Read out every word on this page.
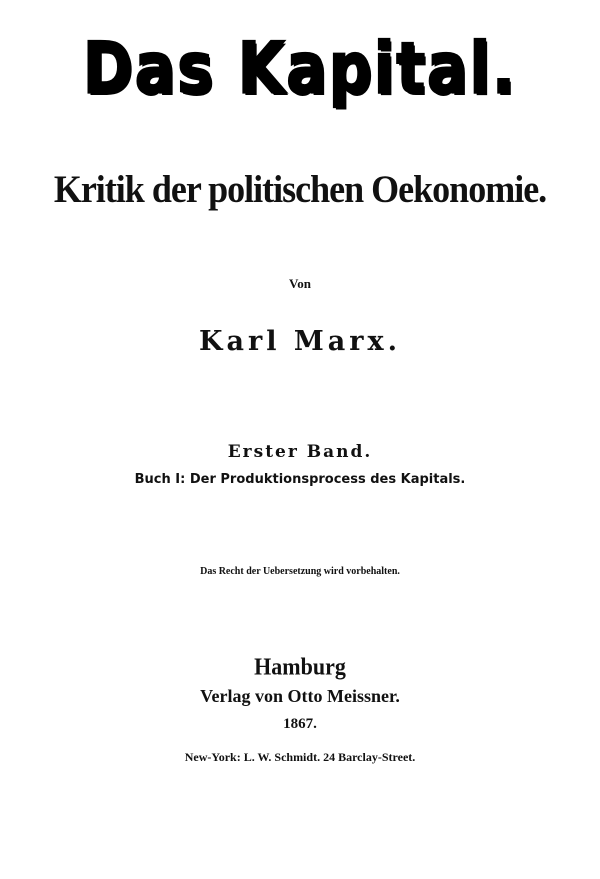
Das Kapital.
Kritik der politischen Oekonomie.
Von
Karl Marx.
Erster Band.
Buch I: Der Produktionsprocess des Kapitals.
Das Recht der Uebersetzung wird vorbehalten.
Hamburg
Verlag von Otto Meissner.
1867.
New-York: L. W. Schmidt. 24 Barclay-Street.
